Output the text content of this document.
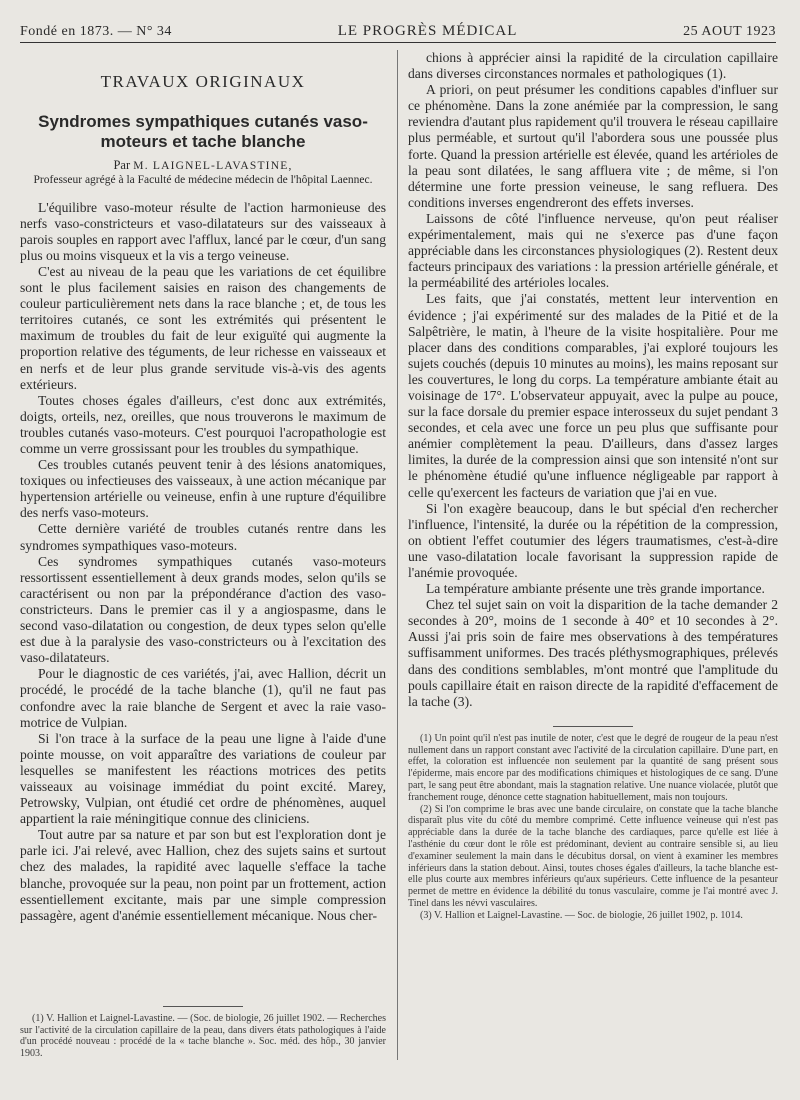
Fondé en 1873. — N° 34	LE PROGRÈS MÉDICAL	25 AOUT 1923
TRAVAUX ORIGINAUX
Syndromes sympathiques cutanés vaso-moteurs et tache blanche
Par M. LAIGNEL-LAVASTINE,
Professeur agrégé à la Faculté de médecine médecin de l'hôpital Laennec.

L'équilibre vaso-moteur résulte de l'action harmonieuse des nerfs vaso-constricteurs et vaso-dilatateurs sur des vaisseaux à parois souples en rapport avec l'afflux, lancé par le cœur, d'un sang plus ou moins visqueux et la vis a tergo veineuse.

C'est au niveau de la peau que les variations de cet équilibre sont le plus facilement saisies en raison des changements de couleur particulièrement nets dans la race blanche ; et, de tous les territoires cutanés, ce sont les extrémités qui présentent le maximum de troubles du fait de leur exiguïté qui augmente la proportion relative des téguments, de leur richesse en vaisseaux et en nerfs et de leur plus grande servitude vis-à-vis des agents extérieurs.

Toutes choses égales d'ailleurs, c'est donc aux extrémités, doigts, orteils, nez, oreilles, que nous trouverons le maximum de troubles cutanés vaso-moteurs. C'est pourquoi l'acropathologie est comme un verre grossissant pour les troubles du sympathique.

Ces troubles cutanés peuvent tenir à des lésions anatomiques, toxiques ou infectieuses des vaisseaux, à une action mécanique par hypertension artérielle ou veineuse, enfin à une rupture d'équilibre des nerfs vaso-moteurs.

Cette dernière variété de troubles cutanés rentre dans les syndromes sympathiques vaso-moteurs.

Ces syndromes sympathiques cutanés vaso-moteurs ressortissent essentiellement à deux grands modes, selon qu'ils se caractérisent ou non par la prépondérance d'action des vaso-constricteurs. Dans le premier cas il y a angiospasme, dans le second vaso-dilatation ou congestion, de deux types selon qu'elle est due à la paralysie des vaso-constricteurs ou à l'excitation des vaso-dilatateurs.

Pour le diagnostic de ces variétés, j'ai, avec Hallion, décrit un procédé, le procédé de la tache blanche (1), qu'il ne faut pas confondre avec la raie blanche de Sergent et avec la raie vaso-motrice de Vulpian.

Si l'on trace à la surface de la peau une ligne à l'aide d'une pointe mousse, on voit apparaître des variations de couleur par lesquelles se manifestent les réactions motrices des petits vaisseaux au voisinage immédiat du point excité. Marey, Petrowsky, Vulpian, ont étudié cet ordre de phénomènes, auquel appartient la raie méningitique connue des cliniciens.

Tout autre par sa nature et par son but est l'exploration dont je parle ici. J'ai relevé, avec Hallion, chez des sujets sains et surtout chez des malades, la rapidité avec laquelle s'efface la tache blanche, provoquée sur la peau, non point par un frottement, action essentiellement excitante, mais par une simple compression passagère, agent d'anémie essentiellement mécanique. Nous cher-

(1) V. Hallion et Laignel-Lavastine. — (Soc. de biologie, 26 juillet 1902. — Recherches sur l'activité de la circulation capillaire de la peau, dans divers états pathologiques à l'aide d'un procédé nouveau : procédé de la « tache blanche ». Soc. méd. des hôp., 30 janvier 1903.

chions à apprécier ainsi la rapidité de la circulation capillaire dans diverses circonstances normales et pathologiques (1).

A priori, on peut présumer les conditions capables d'influer sur ce phénomène. Dans la zone anémiée par la compression, le sang reviendra d'autant plus rapidement qu'il trouvera le réseau capillaire plus perméable, et surtout qu'il l'abordera sous une poussée plus forte. Quand la pression artérielle est élevée, quand les artérioles de la peau sont dilatées, le sang affluera vite ; de même, si l'on détermine une forte pression veineuse, le sang refluera. Des conditions inverses engendreront des effets inverses.

Laissons de côté l'influence nerveuse, qu'on peut réaliser expérimentalement, mais qui ne s'exerce pas d'une façon appréciable dans les circonstances physiologiques (2). Restent deux facteurs principaux des variations : la pression artérielle générale, et la perméabilité des artérioles locales.

Les faits, que j'ai constatés, mettent leur intervention en évidence ; j'ai expérimenté sur des malades de la Pitié et de la Salpêtrière, le matin, à l'heure de la visite hospitalière. Pour me placer dans des conditions comparables, j'ai exploré toujours les sujets couchés (depuis 10 minutes au moins), les mains reposant sur les couvertures, le long du corps. La température ambiante était au voisinage de 17°. L'observateur appuyait, avec la pulpe au pouce, sur la face dorsale du premier espace interosseux du sujet pendant 3 secondes, et cela avec une force un peu plus que suffisante pour anémier complètement la peau. D'ailleurs, dans d'assez larges limites, la durée de la compression ainsi que son intensité n'ont sur le phénomène étudié qu'une influence négligeable par rapport à celle qu'exercent les facteurs de variation que j'ai en vue.

Si l'on exagère beaucoup, dans le but spécial d'en rechercher l'influence, l'intensité, la durée ou la répétition de la compression, on obtient l'effet coutumier des légers traumatismes, c'est-à-dire une vaso-dilatation locale favorisant la suppression rapide de l'anémie provoquée.

La température ambiante présente une très grande importance.

Chez tel sujet sain on voit la disparition de la tache demander 2 secondes à 20°, moins de 1 seconde à 40° et 10 secondes à 2°. Aussi j'ai pris soin de faire mes observations à des températures suffisamment uniformes. Des tracés pléthysmographiques, prélevés dans des conditions semblables, m'ont montré que l'amplitude du pouls capillaire était en raison directe de la rapidité d'effacement de la tache (3).

(1) Un point qu'il n'est pas inutile de noter, c'est que le degré de rougeur de la peau n'est nullement dans un rapport constant avec l'activité de la circulation capillaire. D'une part, en effet, la coloration est influencée non seulement par la quantité de sang présent sous l'épiderme, mais encore par des modifications chimiques et histologiques de ce sang. D'une part, le sang peut être abondant, mais la stagnation relative. Une nuance violacée, plutôt que franchement rouge, dénonce cette stagnation habituellement, mais non toujours.

(2) Si l'on comprime le bras avec une bande circulaire, on constate que la tache blanche disparaît plus vite du côté du membre comprimé. Cette influence veineuse qui n'est pas appréciable dans la durée de la tache blanche des cardiaques, parce qu'elle est liée à l'asthénie du cœur dont le rôle est prédominant, devient au contraire sensible si, au lieu d'examiner seulement la main dans le décubitus dorsal, on vient à examiner les membres inférieurs dans la station debout. Ainsi, toutes choses égales d'ailleurs, la tache blanche est-elle plus courte aux membres inférieurs qu'aux supérieurs. Cette influence de la pesanteur permet de mettre en évidence la débilité du tonus vasculaire, comme je l'ai montré avec J. Tinel dans les névvi vasculaires.

(3) V. Hallion et Laignel-Lavastine. — Soc. de biologie, 26 juillet 1902, p. 1014.
